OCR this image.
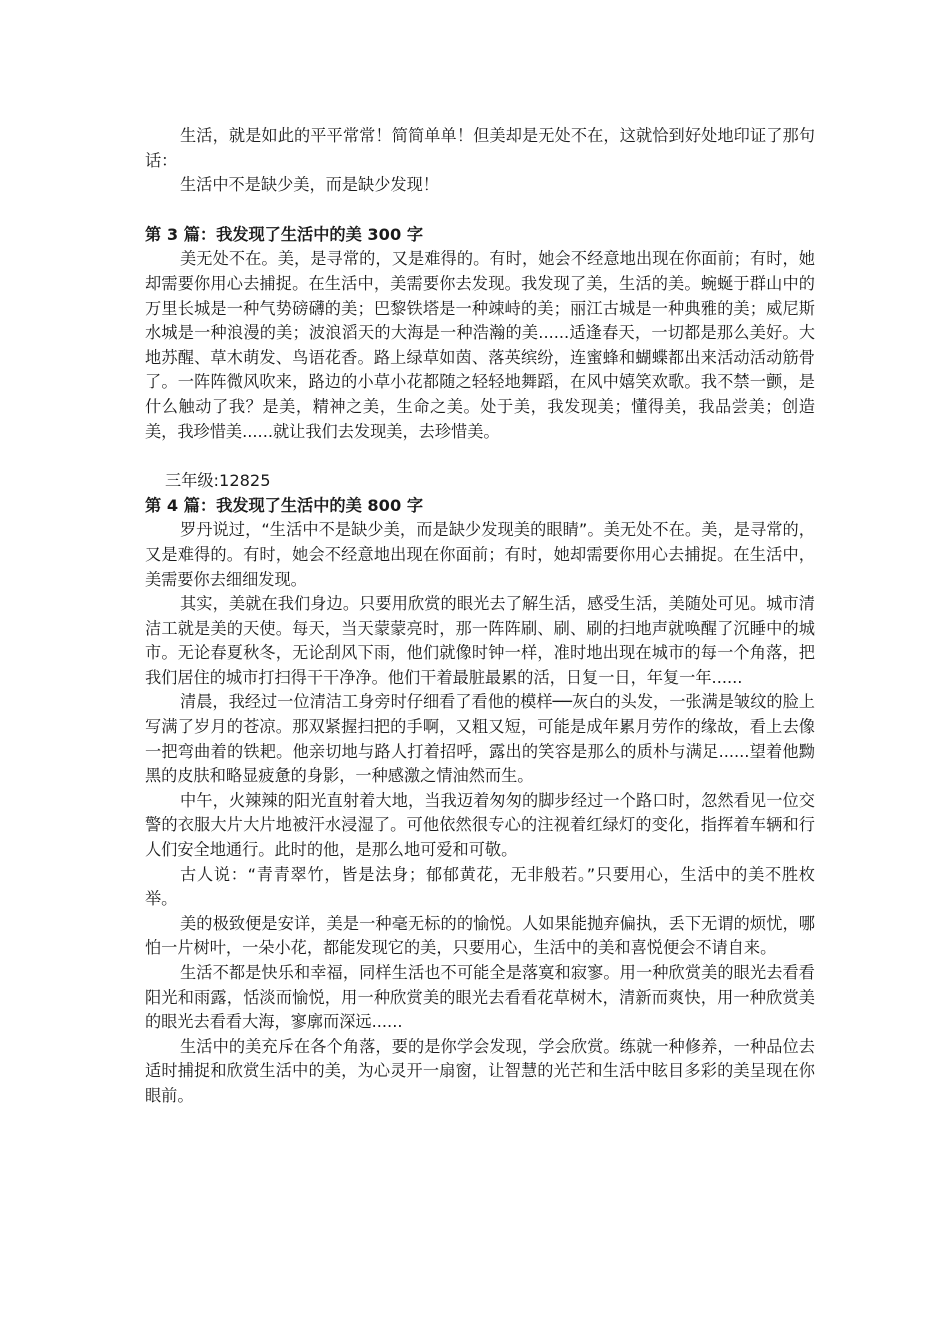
生活，就是如此的平平常常！简简单单！但美却是无处不在，这就恰到好处地印证了那句话：

生活中不是缺少美，而是缺少发现！

第 3 篇：我发现了生活中的美 300 字

美无处不在。美，是寻常的，又是难得的。有时，她会不经意地出现在你面前；有时，她却需要你用心去捕捉。在生活中，美需要你去发现。我发现了美，生活的美。蜿蜒于群山中的万里长城是一种气势磅礴的美；巴黎铁塔是一种竦峙的美；丽江古城是一种典雅的美；威尼斯水城是一种浪漫的美；波浪滔天的大海是一种浩瀚的美......适逢春天，一切都是那么美好。大地苏醒、草木萌发、鸟语花香。路上绿草如茵、落英缤纷，连蜜蜂和蝴蝶都出来活动活动筋骨了。一阵阵微风吹来，路边的小草小花都随之轻轻地舞蹈，在风中嬉笑欢歌。我不禁一颤，是什么触动了我？是美，精神之美，生命之美。处于美，我发现美；懂得美，我品尝美；创造美，我珍惜美......就让我们去发现美，去珍惜美。

三年级:12825

第 4 篇：我发现了生活中的美 800 字

罗丹说过，“生活中不是缺少美，而是缺少发现美的眼睛”。美无处不在。美，是寻常的，又是难得的。有时，她会不经意地出现在你面前；有时，她却需要你用心去捕捉。在生活中，美需要你去细细发现。

其实，美就在我们身边。只要用欣赏的眼光去了解生活，感受生活，美随处可见。城市清洁工就是美的天使。每天，当天蒙蒙亮时，那一阵阵刷、刷、刷的扫地声就唤醒了沉睡中的城市。无论春夏秋冬，无论刮风下雨，他们就像时钟一样，准时地出现在城市的每一个角落，把我们居住的城市打扫得干干净净。他们干着最脏最累的活，日复一日，年复一年......

清晨，我经过一位清洁工身旁时仔细看了看他的模样──灰白的头发，一张满是皱纹的脸上写满了岁月的苍凉。那双紧握扫把的手啊，又粗又短，可能是成年累月劳作的缘故，看上去像一把弯曲着的铁耙。他亲切地与路人打着招呼，露出的笑容是那么的质朴与满足......望着他黝黑的皮肤和略显疲惫的身影，一种感激之情油然而生。

中午，火辣辣的阳光直射着大地，当我迈着匆匆的脚步经过一个路口时，忽然看见一位交警的衣服大片大片地被汗水浸湿了。可他依然很专心的注视着红绿灯的变化，指挥着车辆和行人们安全地通行。此时的他，是那么地可爱和可敬。

古人说：“青青翠竹，皆是法身；郁郁黄花，无非般若。”只要用心，生活中的美不胜枚举。

美的极致便是安详，美是一种毫无标的的愉悦。人如果能抛弃偏执，丢下无谓的烦忧，哪怕一片树叶，一朵小花，都能发现它的美，只要用心，生活中的美和喜悦便会不请自来。

生活不都是快乐和幸福，同样生活也不可能全是落寞和寂寥。用一种欣赏美的眼光去看看阳光和雨露，恬淡而愉悦，用一种欣赏美的眼光去看看花草树木，清新而爽快，用一种欣赏美的眼光去看看大海，寥廓而深远......

生活中的美充斥在各个角落，要的是你学会发现，学会欣赏。练就一种修养，一种品位去适时捕捉和欣赏生活中的美，为心灵开一扇窗，让智慧的光芒和生活中眩目多彩的美呈现在你眼前。
